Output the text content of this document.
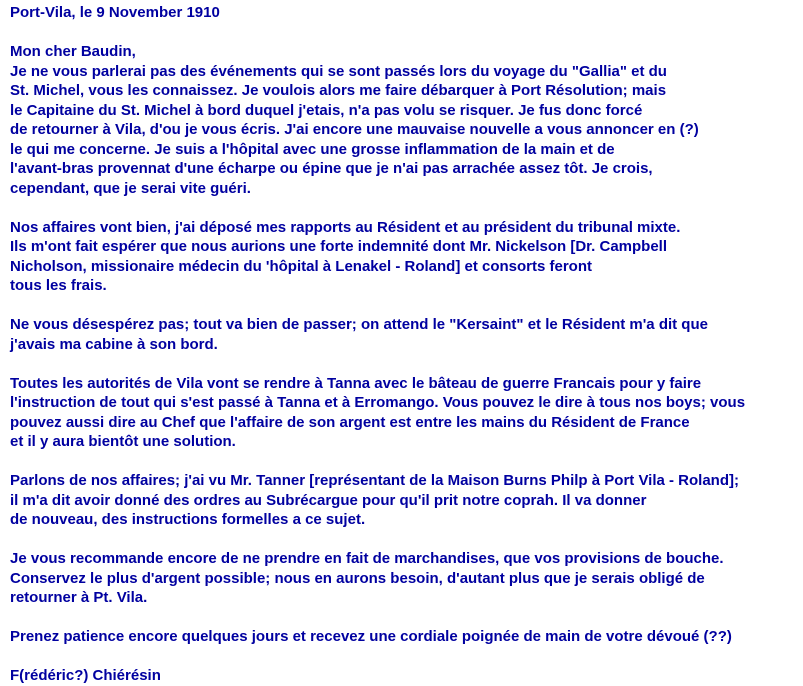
Port-Vila, le 9 November 1910
Mon cher Baudin,
Je ne vous parlerai pas des événements qui se sont passés lors du voyage du "Gallia" et du
St. Michel, vous les connaissez. Je voulois alors me faire débarquer à Port Résolution; mais
le Capitaine du St. Michel à bord duquel j'etais, n'a pas volu se risquer. Je fus donc forcé
de retourner à Vila, d'ou je vous écris. J'ai encore une mauvaise nouvelle a vous annoncer en (?)
le qui me concerne. Je suis a l'hôpital avec une grosse inflammation de la main et de
l'avant-bras provennat d'une écharpe ou épine que je n'ai pas arrachée assez tôt. Je crois,
cependant, que je serai vite guéri.
Nos affaires vont bien, j'ai déposé mes rapports au Résident et au président du tribunal mixte.
Ils m'ont fait espérer que nous aurions une forte indemnité dont Mr. Nickelson [Dr. Campbell
Nicholson, missionaire médecin du 'hôpital à Lenakel - Roland] et consorts feront
tous les frais.
Ne vous désespérez pas; tout va bien de passer; on attend le "Kersaint" et le Résident m'a dit que
j'avais ma cabine à son bord.
Toutes les autorités de Vila vont se rendre à Tanna avec le bâteau de guerre Francais pour y faire
l'instruction de tout qui s'est passé à Tanna et à Erromango. Vous pouvez le dire à tous nos boys; vous
pouvez aussi dire au Chef que l'affaire de son argent est entre les mains du Résident de France
et il y aura bientôt une solution.
Parlons de nos affaires; j'ai vu Mr. Tanner [représentant de la Maison Burns Philp à Port Vila - Roland];
il m'a dit avoir donné des ordres au Subrécargue pour qu'il prit notre coprah. Il va donner
de nouveau, des instructions formelles a ce sujet.
Je vous recommande encore de ne prendre en fait de marchandises, que vos provisions de bouche.
Conservez le plus d'argent possible; nous en aurons besoin, d'autant plus que je serais obligé de
retourner à Pt. Vila.
Prenez patience encore quelques jours et recevez une cordiale poignée de main de votre dévoué (??)
F(rédéric?) Chiérésin
